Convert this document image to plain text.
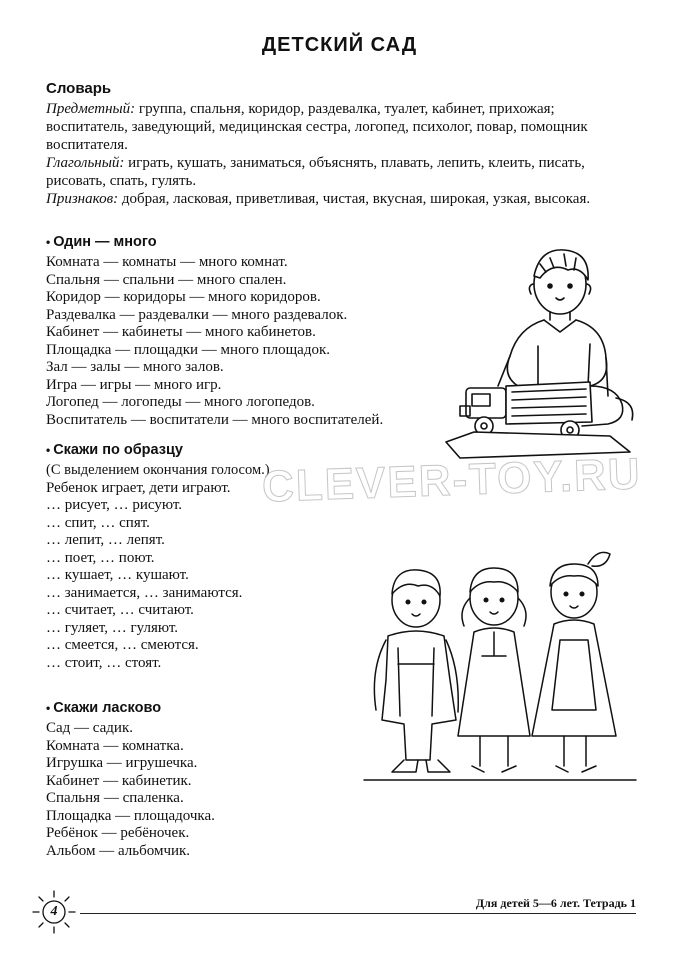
ДЕТСКИЙ САД
Словарь

Предметный: группа, спальня, коридор, раздевалка, туалет, кабинет, прихожая; воспитатель, заведующий, медицинская сестра, логопед, психолог, повар, помощник воспитателя.

Глагольный: играть, кушать, заниматься, объяснять, плавать, лепить, клеить, писать, рисовать, спать, гулять.

Признаков: добрая, ласковая, приветливая, чистая, вкусная, широкая, узкая, высокая.

• Один — много
Комната — комнаты — много комнат.
Спальня — спальни — много спален.
Коридор — коридоры — много коридоров.
Раздевалка — раздевалки — много раздевалок.
Кабинет — кабинеты — много кабинетов.
Площадка — площадки — много площадок.
Зал — залы — много залов.
Игра — игры — много игр.
Логопед — логопеды — много логопедов.
Воспитатель — воспитатели — много воспитателей.
• Скажи по образцу
(С выделением окончания голосом.)
Ребенок играет, дети играют.
… рисует, … рисуют.
… спит, … спят.
… лепит, … лепят.
… поет, … поют.
… кушает, … кушают.
… занимается, … занимаются.
… считает, … считают.
… гуляет, … гуляют.
… смеется, … смеются.
… стоит, … стоят.
• Скажи ласково
Сад — садик.
Комната — комнатка.
Игрушка — игрушечка.
Кабинет — кабинетик.
Спальня — спаленка.
Площадка — площадочка.
Ребёнок — ребёночек.
Альбом — альбомчик.
CLEVER-TOY.RU
4
Для детей 5—6 лет. Тетрадь 1
